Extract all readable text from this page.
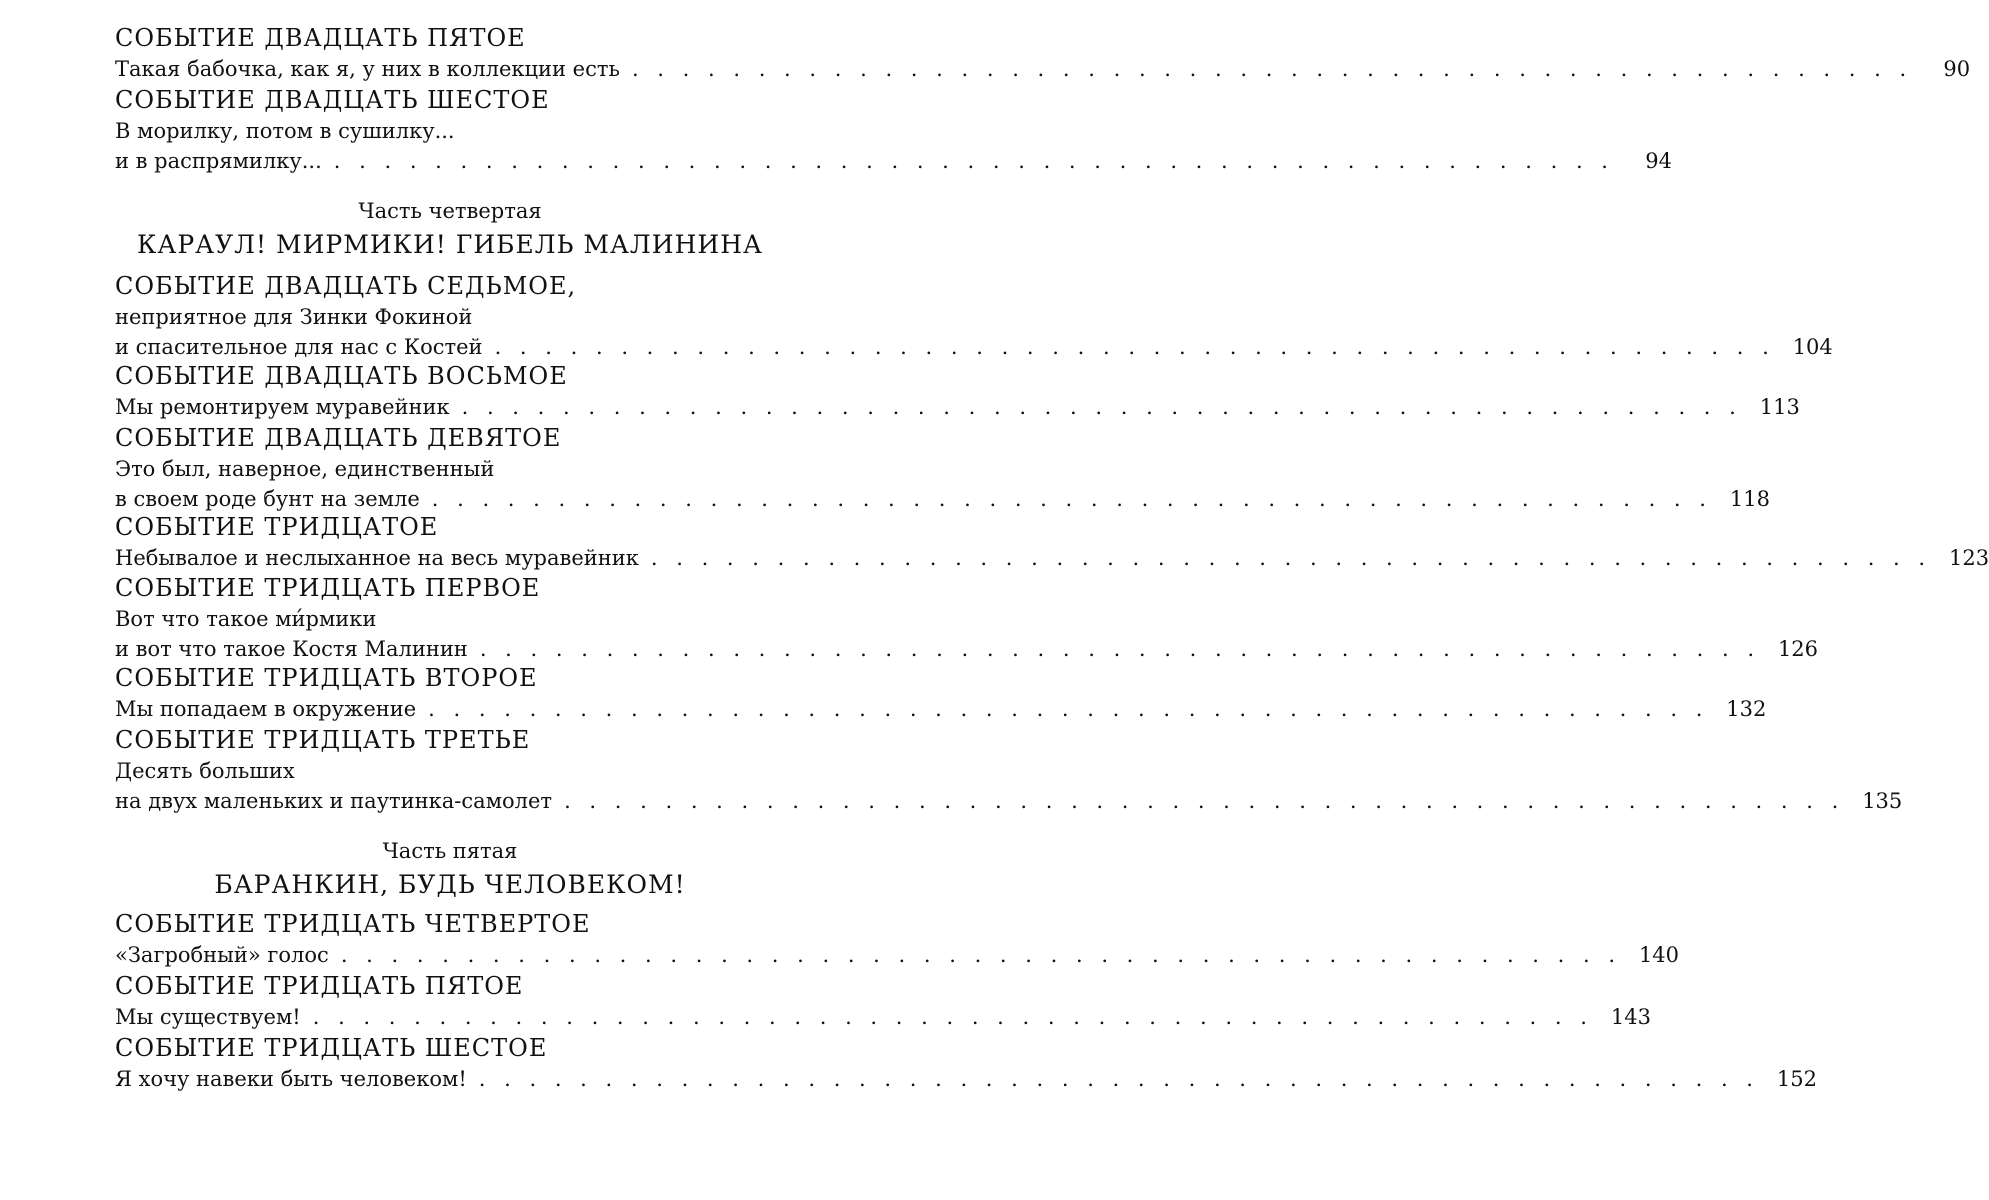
СОБЫТИЕ ДВАДЦАТЬ ПЯТОЕ
Такая бабочка, как я, у них в коллекции есть . . . . . . . . . . . . . . . . . . . . . . . . . . . . . . . . . . . . . . . . . . . . . . . . . . .	90
СОБЫТИЕ ДВАДЦАТЬ ШЕСТОЕ
В морилку, потом в сушилку...
и в распрямилку... . . . . . . . . . . . . . . . . . . . . . . . . . . . . . . . . . . . . . . . . . . . . . . . . . . .	94
Часть четвертая
КАРАУЛ! МИРМИКИ! ГИБЕЛЬ МАЛИНИНА
СОБЫТИЕ ДВАДЦАТЬ СЕДЬМОЕ,
неприятное для Зинки Фокиной
и спасительное для нас с Костей . . . . . . . . . . . . . . . . . . . . . . . . . . . . . . . . . . . . . . . . . . . . . . . . . . . 104
СОБЫТИЕ ДВАДЦАТЬ ВОСЬМОЕ
Мы ремонтируем муравейник . . . . . . . . . . . . . . . . . . . . . . . . . . . . . . . . . . . . . . . . . . . . . . . . . . . 113
СОБЫТИЕ ДВАДЦАТЬ ДЕВЯТОЕ
Это был, наверное, единственный
в своем роде бунт на земле . . . . . . . . . . . . . . . . . . . . . . . . . . . . . . . . . . . . . . . . . . . . . . . . . . . 118
СОБЫТИЕ ТРИДЦАТОЕ
Небывалое и неслыханное на весь муравейник . . . . . . . . . . . . . . . . . . . . . . . . . . . . . . . . . . . . . . . . . . . . . . . . . . . 123
СОБЫТИЕ ТРИДЦАТЬ ПЕРВОЕ
Вот что такое ми́рмики
и вот что такое Костя Малинин . . . . . . . . . . . . . . . . . . . . . . . . . . . . . . . . . . . . . . . . . . . . . . . . . . . 126
СОБЫТИЕ ТРИДЦАТЬ ВТОРОЕ
Мы попадаем в окружение . . . . . . . . . . . . . . . . . . . . . . . . . . . . . . . . . . . . . . . . . . . . . . . . . . . 132
СОБЫТИЕ ТРИДЦАТЬ ТРЕТЬЕ
Десять больших
на двух маленьких и паутинка-самолет . . . . . . . . . . . . . . . . . . . . . . . . . . . . . . . . . . . . . . . . . . . . . . . . . . . 135
Часть пятая
БАРАНКИН, БУДЬ ЧЕЛОВЕКОМ!
СОБЫТИЕ ТРИДЦАТЬ ЧЕТВЕРТОЕ
«Загробный» голос . . . . . . . . . . . . . . . . . . . . . . . . . . . . . . . . . . . . . . . . . . . . . . . . . . . 140
СОБЫТИЕ ТРИДЦАТЬ ПЯТОЕ
Мы существуем! . . . . . . . . . . . . . . . . . . . . . . . . . . . . . . . . . . . . . . . . . . . . . . . . . . . 143
СОБЫТИЕ ТРИДЦАТЬ ШЕСТОЕ
Я хочу навеки быть человеком! . . . . . . . . . . . . . . . . . . . . . . . . . . . . . . . . . . . . . . . . . . . . . . . . . . . 152
